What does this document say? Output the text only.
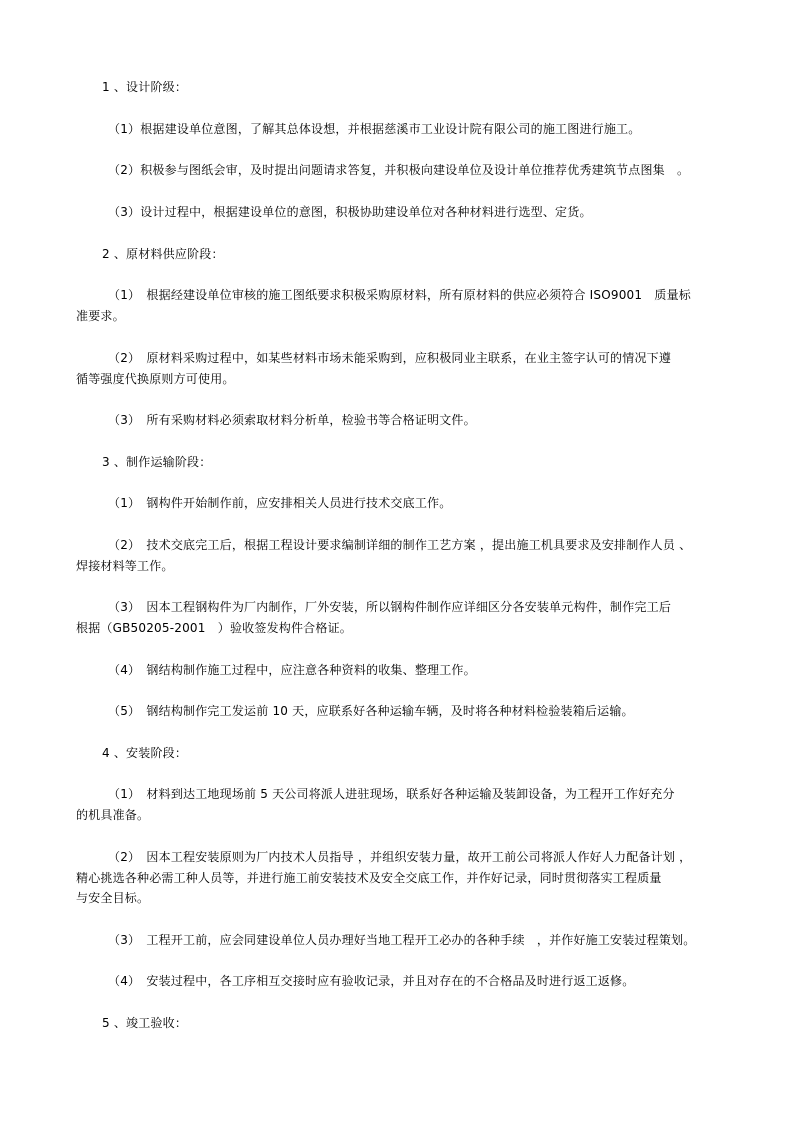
1 、设计阶级：
（1）根据建设单位意图，了解其总体设想，并根据慈溪市工业设计院有限公司的施工图进行施工。
（2）积极参与图纸会审，及时提出问题请求答复，并积极向建设单位及设计单位推荐优秀建筑节点图集　。
（3）设计过程中，根据建设单位的意图，积极协助建设单位对各种材料进行选型、定货。
2 、原材料供应阶段：
（1）　根据经建设单位审核的施工图纸要求积极采购原材料，所有原材料的供应必须符合 ISO9001　质量标
准要求。
（2）　原材料采购过程中，如某些材料市场未能采购到，应积极同业主联系，在业主签字认可的情况下遵
循等强度代换原则方可使用。
（3）　所有采购材料必须索取材料分析单，检验书等合格证明文件。
3 、制作运输阶段：
（1）　钢构件开始制作前，应安排相关人员进行技术交底工作。
（2）　技术交底完工后，根据工程设计要求编制详细的制作工艺方案 ，提出施工机具要求及安排制作人员 、
焊接材料等工作。
（3）　因本工程钢构件为厂内制作，厂外安装，所以钢构件制作应详细区分各安装单元构件，制作完工后
根据（GB50205-2001　）验收签发构件合格证。
（4）　钢结构制作施工过程中，应注意各种资料的收集、整理工作。
（5）　钢结构制作完工发运前 10 天，应联系好各种运输车辆，及时将各种材料检验装箱后运输。
4 、安装阶段：
（1）　材料到达工地现场前 5 天公司将派人进驻现场，联系好各种运输及装卸设备，为工程开工作好充分
的机具准备。
（2）　因本工程安装原则为厂内技术人员指导 ，并组织安装力量，故开工前公司将派人作好人力配备计划 ，
精心挑选各种必需工种人员等，并进行施工前安装技术及安全交底工作，并作好记录，同时贯彻落实工程质量
与安全目标。
（3）　工程开工前，应会同建设单位人员办理好当地工程开工必办的各种手续　，并作好施工安装过程策划。
（4）　安装过程中，各工序相互交接时应有验收记录，并且对存在的不合格品及时进行返工返修。
5 、竣工验收：
